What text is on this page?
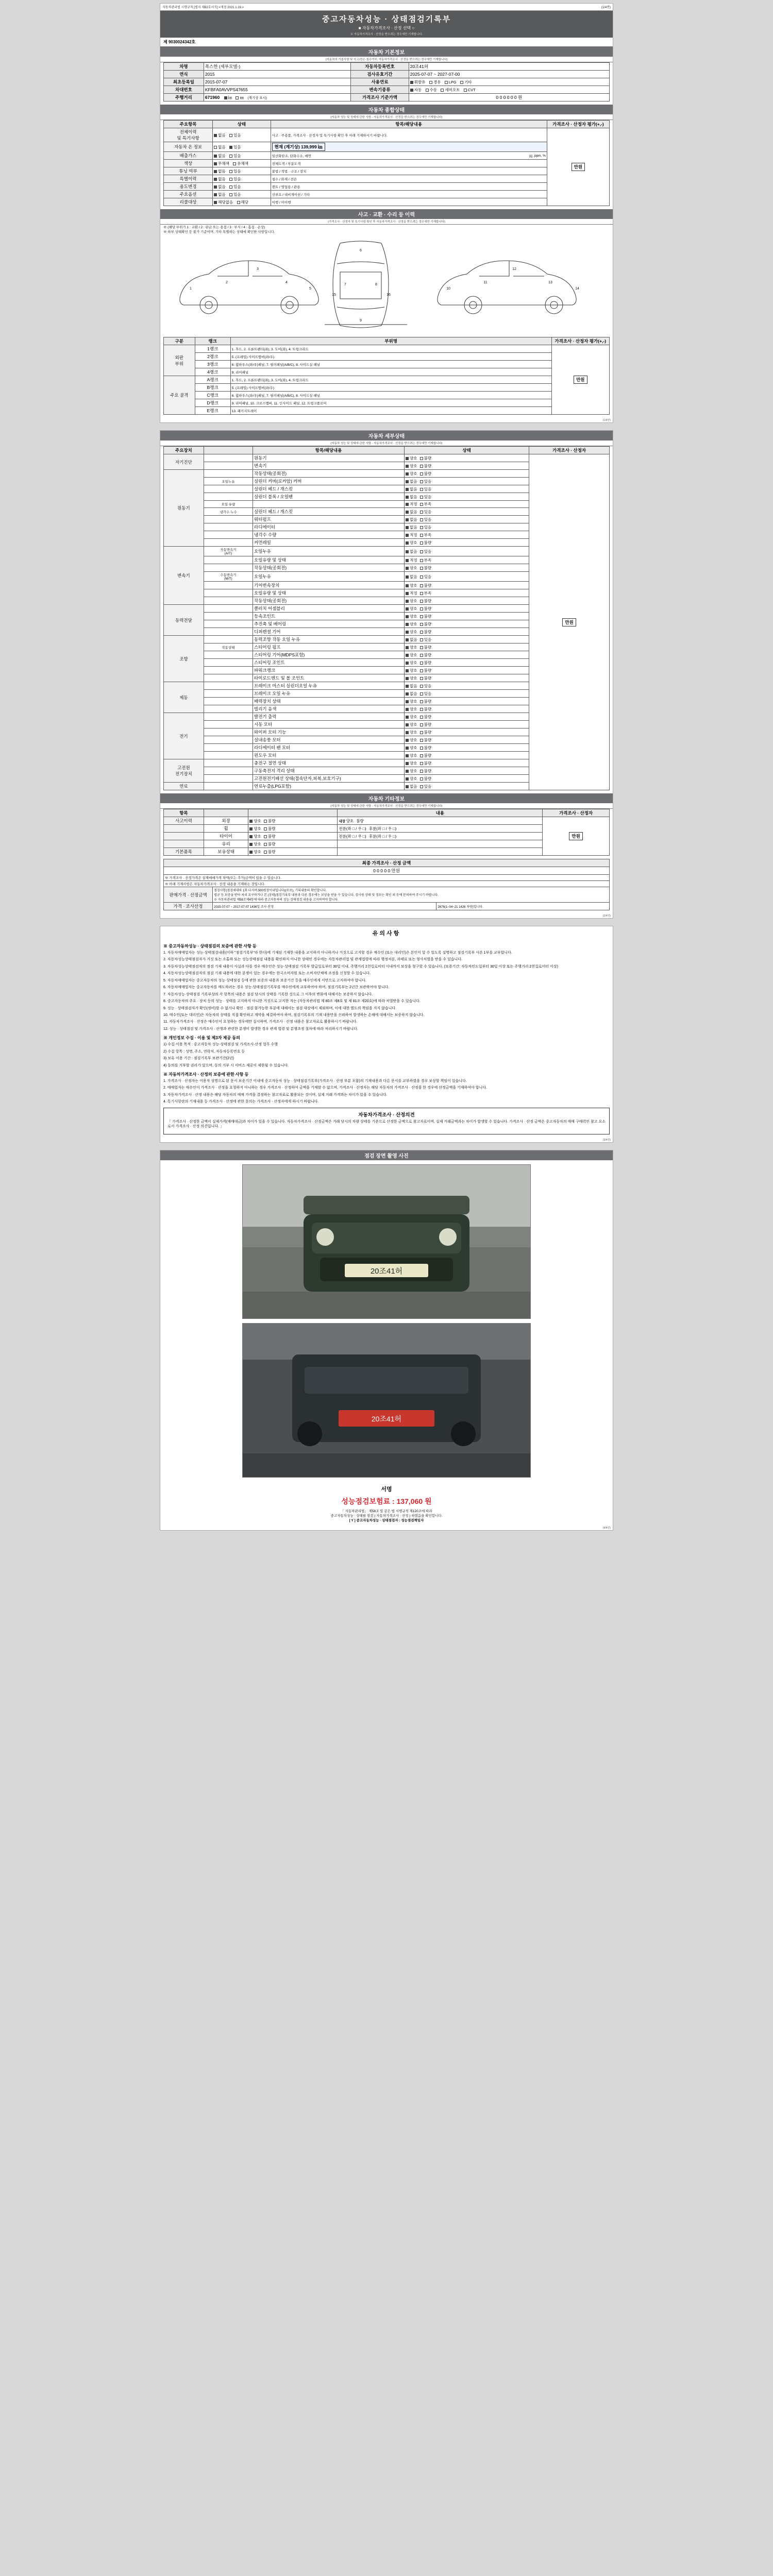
자동차관리법 시행규칙 [별지 제82호서식] <개정 2021.1.19.>	(1/4면)
중고자동차성능 · 상태점검기록부
■ 자동차가격조사 · 산정 선택 ○
※ 자동차가격조사 · 산정을 받으려는 경우에만 기재합니다.
제 9030024342호
자동차 기본정보
(자동차의 기본사항 및 사고/전손·침수여부, 자동차가격조사 · 산정을 받으려는 경우에만 기재합니다)
차명	폭스한 (세부모델-)	자동차등록번호	20조41허
연식	2015	검사유효기간	2025-07-07 ~ 2027-07-00
최초등록일	2015-07-07	사용연료	휘발유 경유 LPG 기타
차대번호	KFBFA0AVVPS47655	변속기종류	자동 수동 세미오토 CVT
주행거리	671960 ㎞ ㎚ (계기상 표시)	가격조사 기준가액	0 0 0 0 0 0 원
자동차 종합상태
(자동차 성능 및 상태에 관한 사항 - 자동차가격조사 · 산정을 받으려는 경우에만 기재합니다)
주요항목	상태	항목/해당내용	가격조사 · 산정자 평가(+,-)
전체이력
및 특기사항	없음 있음	사고 · 주용품, 가격조사 · 산정자 및 특기사항 확인 후 아래 기재하시기 바랍니다.	만원
자동차 온 정보	없음 있음	현재 (계기상) 139,999 ㎞	
배출가스	없음 있음	일산화탄소, 탄화수소, 매연 ㎍, ppm, %	

색상	무채색 유채색	전체도색 / 부분도색	
튜닝 여부	없음 있음	불법 / 적법 · 구조 / 장치	
특별이력	없음 있음	침수 / 화재 / 전손	
용도변경	없음 있음	렌트 / 영업용 / 관용	
주요옵션	없음 있음	선루프 / 내비게이션 / 기타	
리콜대상	해당없음 해당	이행 / 미이행	
사고 · 교환 · 수리 등 이력
(가격조사 · 산정자 및 특기사항 확인 후 자동차가격조사 · 산정을 받으려는 경우에만 기재합니다)
※ (해당 부위가 1 : 교환 / 2 : 판금 또는 용접 / 3 : 부식 / 4 : 흠집 · 손상)
※ 하부 상태확인 등 불가 기준이며, 기타 특별하는 상태에 확인한 사항입니다.
1
2
3
4
5
6
7	8
9
10
11
12
13
14
15	16
구분	랭크	부위명	가격조사 · 산정자 평가(+,-)
외판
부위	1랭크	1. 후드, 2. 프론트펜더(좌), 3. 도어(좌), 4. 트렁크리드	만원
	2랭크	5. (프레임) 사이드멤버(좌/우)	
	3랭크	6. 휠하우스(좌/우)패널, 7. 필러패널(A/B/C), 8. 사이드실 패널	
	4랭크	9. 리어패널	
주요 골격	A랭크	1. 후드, 2. 프론트펜더(좌), 3. 도어(좌), 4. 트렁크리드	
	B랭크	5. (프레임) 사이드멤버(좌/우)	
	C랭크	6. 휠하우스(좌/우)패널, 7. 필러패널(A/B/C), 8. 사이드실 패널	
	D랭크	9. 리어패널, 10. 크로스멤버, 11. 인사이드 패널, 12. 트렁크플로어	
	E랭크	13. 패키지트레이	
(1/4면)
자동차 세부상태
(자동차 성능 및 상태에 관한 사항 - 자동차가격조사 · 산정을 받으려는 경우에만 기재합니다)
주요장치		항목/해당내용	상태	가격조사 · 산정자
자기진단		원동기	양호 불량	만원
		변속기	양호 불량	
원동기		작동상태(공회전)	양호 불량	
	오일누유	실린더 커버(로커암) 커버	없음 있음	
		실린더 헤드 / 개스킷	없음 있음	
		실린더 블록 / 오일팬	없음 있음	
	오일 유량		적정 부족	
	냉각수 누수	실린더 헤드 / 개스킷	없음 있음	
		워터펌프	없음 있음	
		라디에이터	없음 있음	
		냉각수 수량	적정 부족	
		커먼레일	양호 불량	
변속기	자동변속기
(A/T)	오일누유	없음 있음	
		오일유량 및 상태	적정 부족	
		작동상태(공회전)	양호 불량	
	수동변속기
(M/T)	오일누유	없음 있음	
		기어변속장치	양호 불량	
		오일유량 및 상태	적정 부족	
		작동상태(공회전)	양호 불량	
동력전달		클러치 어셈블리	양호 불량	
		등속조인트	양호 불량	
		추진축 및 베어링	양호 불량	
		디퍼렌셜 기어	양호 불량	
조향		동력조향 작동 오일 누유	없음 있음	
	작동상태	스티어링 펌프	양호 불량	
		스티어링 기어(MDPS포함)	양호 불량	
		스티어링 조인트	양호 불량	
		파워크랭크	양호 불량	
		타이로드엔드 및 볼 조인트	양호 불량	
제동		브레이크 마스터 실린더오일 누유	없음 있음	
		브레이크 오일 누유	없음 있음	
		배력장치 상태	양호 불량	
		빌리기 음색	양호 불량	
전기		발전기 출력	양호 불량	
		시동 모터	양호 불량	
		와이퍼 모터 기능	양호 불량	
		실내송풍 모터	양호 불량	
		라디에이터 팬 모터	양호 불량	
		윈도우 모터	양호 불량	
고전원
전기장치		충전구 절연 상태	양호 불량	
		구동축전지 격리 상태	양호 불량	
		고전원전기배선 상태(접속단자,피복,보호기구)	양호 불량	
연료		연료누출(LPG포함)	없음 있음	
자동차 기타정보
(자동차 성능 및 상태에 관한 사항 - 자동차가격조사 · 산정을 받으려는 경우에만 기재합니다)
항목			내용	가격조사 · 산정자
사고이력	외장	양호 불량	내장 양호 불량	만원
	휠	양호 불량	전륜(좌 □ / 우 □) 후륜(좌 □ / 우 □)	
	타이어	양호 불량	전륜(좌 □ / 우 □) 후륜(좌 □ / 우 □)	
	유리	양호 불량		
기본품목	보유상태	양호 불량		
최종 가격조사 · 산정 금액		
0 0 0 0 0 만원		
※ 가격조사 · 산정가격은 실제매매가격 차액(또는 추가)금액이 있을 수 있습니다.		
※ 아래 기재사항은 자동차가격조사 · 산정 내용을 기재하는 것입니다.		
판매가격 · 산정금액	점검사항(점검세대와 1회 다지며,500원장이내입니다)(무료), 기록내용의 확인합니다.
법규 등 보증을 받아 처리 요구하거나 본 (상태)점검기록부 내용과 다른 경우에는 보상을 받을 수 있습니다. 검사원 상태 및 정보는 확인 외 등에 문의하여 주시기 바랍니다.
※ 자동차관리법 제58조제4항에 따라 중고자동차의 성능·상태점검 내용을 고지하여야 합니다.	
가격 · 조사산정	2015-07-07 ~ 2017-07-07 1436일 조사·산정	2676(1~04~21 1426 차량)입니다.
(2/4면)
유의사항
※ 중고자동차성능 · 상태점검의 보증에 관한 사항 등

1. 자동차매매업자는 성능·상태점검내용(이하 "점검기록부"라 한다)에 기재된 기재한 내용을 교지하지 아니하거나 거짓으로 고지할 경우 매수인 (또는 대리인)은 본인이 알 수 있도록 설명하고 점검기록부 사본 1부를 교부합니다.

2. 자동차성능상태점검자가 거짓 또는 소홀하 또는 성능상태점검 내용을 확인하지 아니한 상태인 경우에는 자동차관리법 및 관계법령에 따라 행정처분, 과태료 또는 형사처벌을 받을 수 있습니다.

3. 자동차성능상태점검자의 점검 기재 내용이 사실과 다를 경우 매수인은 성능·상태점검 기록부 발급일로부터 30일 이내, 주행거리 2천킬로미터 이내까지 보상을 청구할 수 있습니다. (보증기간: 자동차인도일부터 30일 이상 또는 주행거리 2천킬로미터 이상)

4. 자동차성능상태점검자의 점검 기재 내용에 대한 분쟁이 있는 경우에는 한국소비자원 또는 소비자단체에 조정을 신청할 수 있습니다.

5. 자동차매매업자는 중고자동차의 성능·상태점검 등에 관한 보증의 내용과 보증기간 등을 매수인에게 서면으로 고지하여야 합니다.

6. 자동차매매업자는 중고자동차를 매도하려는 경우 성능·상태점검기록부를 매수인에게 교부하여야 하며, 점검기록부는 2년간 보관하여야 합니다.

7. 자동차성능·상태점검 기록부상의 각 항목의 내용은 점검 당시의 상태를 기록한 것으로 그 이후의 변화에 대해서는 보증하지 않습니다.

8. 중고자동차의 주요 · 장치 등의 성능 · 상태를 고지하지 아니한 거짓으로 고지한 자는 (자동차관리법 제 80조 제8호 및 제 81조 제20호)에 따라 처벌받을 수 있습니다.

9. 성능 · 상태점검자가 확인(정비)할 수 없거나 확인 · 점검 불가능한 부분에 대해서는 점검 대상에서 제외하며, 이에 대한 별도의 책임을 지지 않습니다.

10. 매수인(또는 대리인)은 자동차의 상태를 직접 확인하고 계약을 체결하여야 하며, 점검기록부의 기재 내용만을 신뢰하여 발생하는 손해에 대해서는 보증하지 않습니다.

11. 자동차가격조사 · 산정은 매수인이 요청하는 경우에만 실시하며, 가격조사 · 산정 내용은 참고자료로 활용하시기 바랍니다.

12. 성능 · 상태점검 및 가격조사 · 산정과 관련한 분쟁이 발생한 경우 관계 법령 및 분쟁조정 절차에 따라 처리하시기 바랍니다.

※ 개인정보 수집 · 이용 및 제3자 제공 동의

1) 수집·이용 목적 : 중고자동차 성능·상태점검 및 가격조사·산정 업무 수행

2) 수집 항목 : 성명, 주소, 연락처, 자동차등록번호 등

3) 보유·이용 기간 : 점검기록부 보관기간(2년)

4) 동의를 거부할 권리가 있으며, 동의 거부 시 서비스 제공이 제한될 수 있습니다.

※ 자동차가격조사 · 산정의 보증에 관한 사항 등

1. 가격조사 · 산정자는 이용자 성명으로 된 문서 보증기간 이내에 중고자동차 성능 · 상태점검기록부(가격조사 · 산정 부분 포함)의 기재내용과 다른 문서를 교부하였을 경우 보상할 책임이 있습니다.

2. 매매업자는 매수인이 가격조사 · 산정을 요청하지 아니하는 경우 가격조사 · 산정하여 금액을 기재할 수 없으며, 가격조사 · 산정자는 해당 자동차의 가격조사 · 산정을 한 경우에 산정금액을 기재하여야 합니다.

3. 자동차가격조사 · 산정 내용은 해당 자동차의 매매 가격을 결정하는 참고자료로 활용되는 것이며, 실제 거래 가격과는 차이가 있을 수 있습니다.

4. 특기사항란의 기재내용 등 가격조사 · 산정에 관한 문의는 가격조사 · 산정자에게 하시기 바랍니다.

자동차가격조사 · 산정의견

「 가격조사 · 산정한 금액이 실제가격(매매대금)과 차이가 있을 수 있습니다. 자동차가격조사 · 산정금액은 거래 당시의 차량 상태를 기준으로 산정한 금액으로 참고자료이며, 실제 거래금액과는 차이가 발생할 수 있습니다. 가격조사 · 산정 금액은 중고자동차의 매매 구매력인 참고 요소로서 가격조사 · 산정 의견입니다. 」

(3/4면)
점검 장면 촬영 사진
20조41허
20조41허
서명
성능점검보험료 : 137,060 원
「 자동차관리법」 제58조 및 같은 법 시행규칙 제120조에 따라
중고자동차성능 · 상태를 점검 ( 자동차가격조사 · 산정 ) 하였음을 확인합니다.
[ Y ] 중고자동차성능 · 상태점검자 : 성능점검책임자
(4/4면)
